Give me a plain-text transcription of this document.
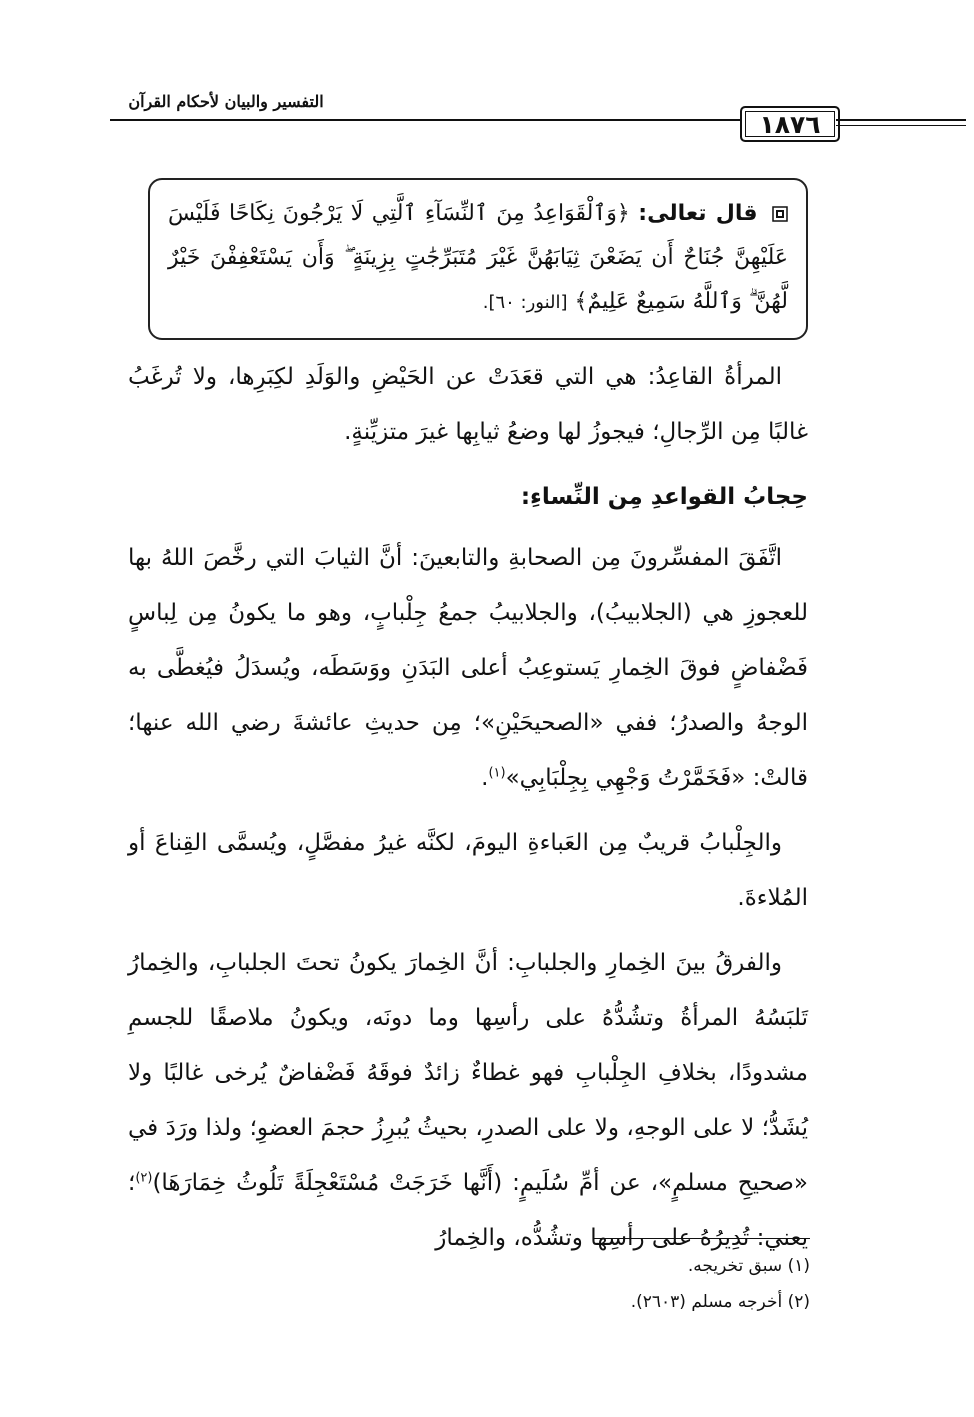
التفسير والبيان لأحكام القرآن
١٨٧٦
قال تعالى: ﴿وَٱلْقَوَاعِدُ مِنَ ٱلنِّسَآءِ ٱلَّتِي لَا يَرْجُونَ نِكَاحًا فَلَيْسَ عَلَيْهِنَّ جُنَاحٌ أَن يَضَعْنَ ثِيَابَهُنَّ غَيْرَ مُتَبَرِّجَٰتٍ بِزِينَةٍ ۖ وَأَن يَسْتَعْفِفْنَ خَيْرٌ لَّهُنَّ ۗ وَٱللَّهُ سَمِيعٌ عَلِيمٌ﴾ [النور: ٦٠].

المرأةُ القاعِدُ: هي التي قعَدَتْ عن الحَيْضِ والوَلَدِ لكِبَرِها، ولا تُرغَبُ غالبًا مِن الرِّجالِ؛ فيجوزُ لها وضعُ ثيابِها غيرَ متزيِّنةٍ.

حِجابُ القواعدِ مِن النِّساءِ:

اتَّفَقَ المفسِّرونَ مِن الصحابةِ والتابعينَ: أنَّ الثيابَ التي رخَّصَ اللهُ بها للعجوزِ هي (الجلابيبُ)، والجلابيبُ جمعُ جِلْبابٍ، وهو ما يكونُ مِن لِباسٍ فَضْفاضٍ فوقَ الخِمارِ يَستوعِبُ أعلى البَدَنِ ووَسَطَه، ويُسدَلُ فيُغطَّى به الوجهُ والصدرُ؛ ففي «الصحيحَيْنِ»؛ مِن حديثِ عائشةَ رضي الله عنها؛ قالتْ: «فَخَمَّرْتُ وَجْهِي بِجِلْبَابِي»$^{(١)}$.

والجِلْبابُ قريبٌ مِن العَباءةِ اليومَ، لكنَّه غيرُ مفصَّلٍ، ويُسمَّى القِناعَ أو المُلاءةَ.

والفرقُ بينَ الخِمارِ والجلبابِ: أنَّ الخِمارَ يكونُ تحتَ الجلبابِ، والخِمارُ تَلبَسُهُ المرأةُ وتشُدُّهُ على رأسِها وما دونَه، ويكونُ ملاصقًا للجسمِ مشدودًا، بخلافِ الجِلْبابِ فهو غطاءٌ زائدٌ فوقَهُ فَضْفاضٌ يُرخى غالبًا ولا يُشَدُّ؛ لا على الوجهِ، ولا على الصدرِ، بحيثُ يُبرِزُ حجمَ العضوِ؛ ولذا ورَدَ في «صحيحِ مسلمٍ»، عن أمِّ سُلَيمٍ: (أَنَّها خَرَجَتْ مُسْتَعْجِلَةً تَلُوثُ خِمَارَهَا)$^{(٢)}$؛ يعني: تُدِيرُهُ على رأسِها وتشُدُّه، والخِمارُ

(١) سبق تخريجه.
(٢) أخرجه مسلم (٢٦٠٣).
